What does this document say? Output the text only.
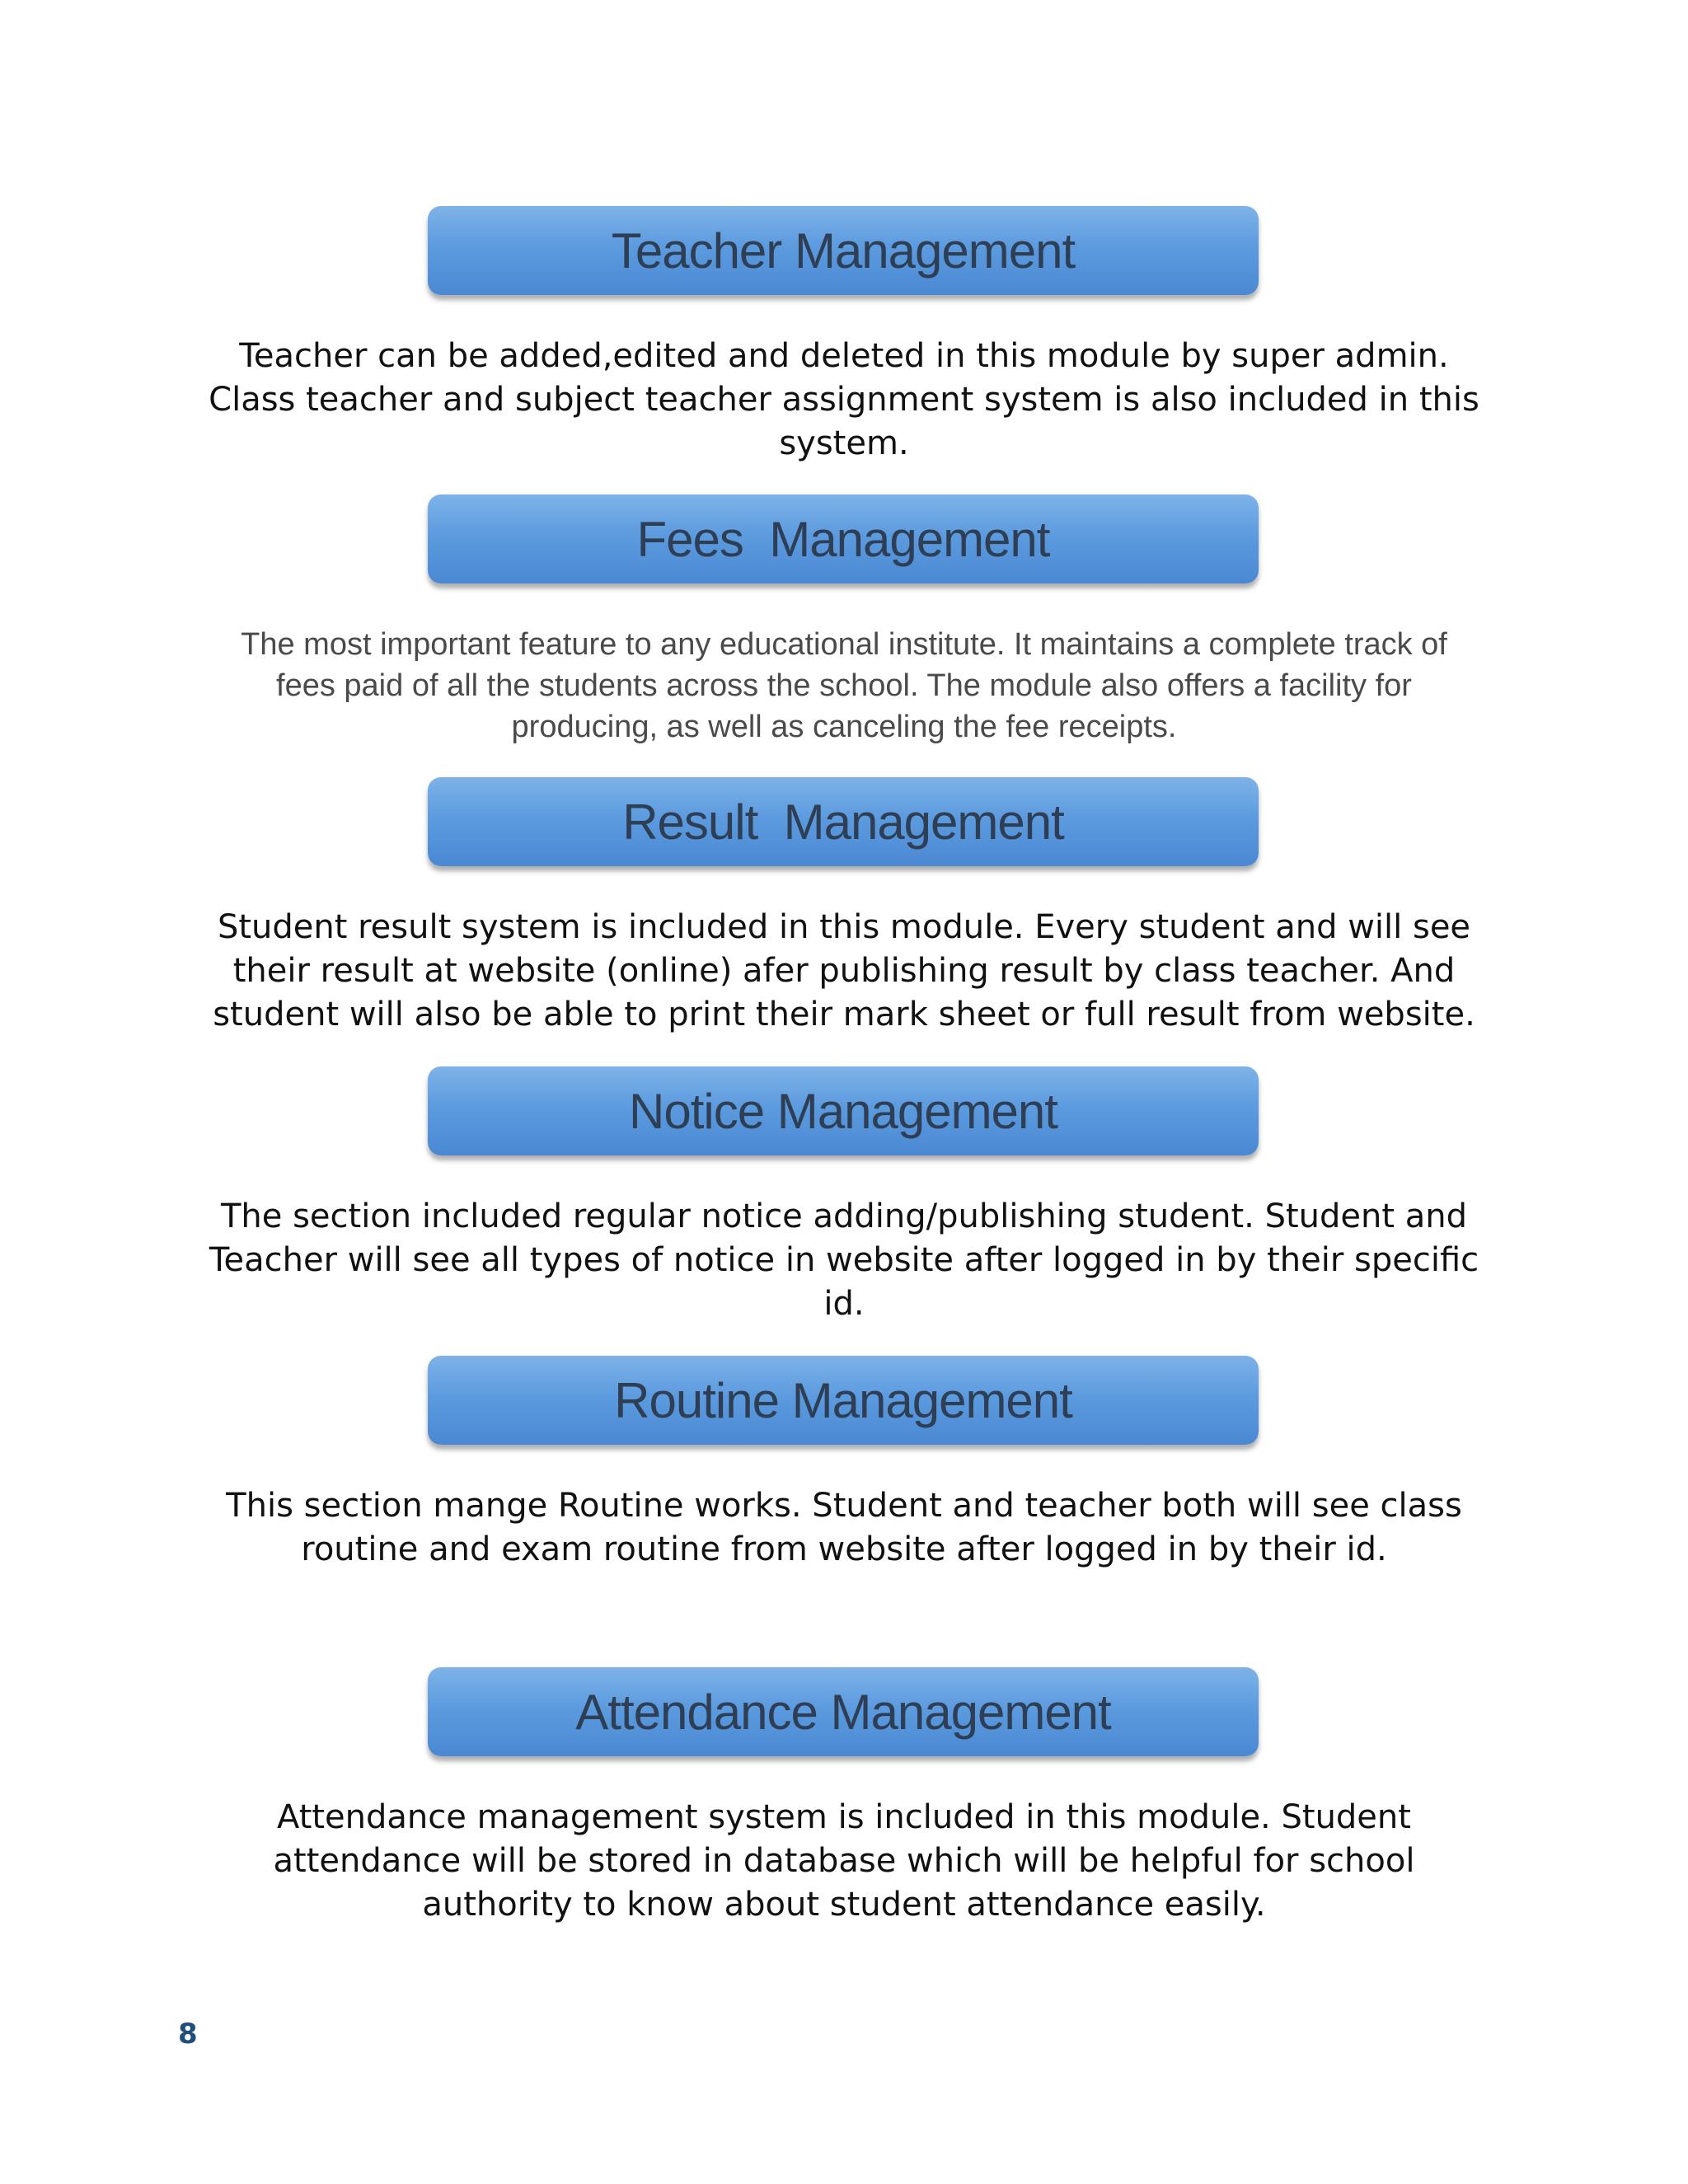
Teacher Management
Teacher can be added,edited and deleted in this module by super admin.
Class teacher and subject teacher assignment system is also included in this
system.
Fees  Management
The most important feature to any educational institute. It maintains a complete track of
fees paid of all the students across the school. The module also offers a facility for
producing, as well as canceling the fee receipts.
Result  Management
Student result system is included in this module. Every student and will see
their result at website (online) afer publishing result by class teacher. And
student will also be able to print their mark sheet or full result from website.
Notice Management
The section included regular notice adding/publishing student. Student and
Teacher will see all types of notice in website after logged in by their specific
id.
Routine Management
This section mange Routine works. Student and teacher both will see class
routine and exam routine from website after logged in by their id.
Attendance Management
Attendance management system is included in this module. Student
attendance will be stored in database which will be helpful for school
authority to know about student attendance easily.
8
